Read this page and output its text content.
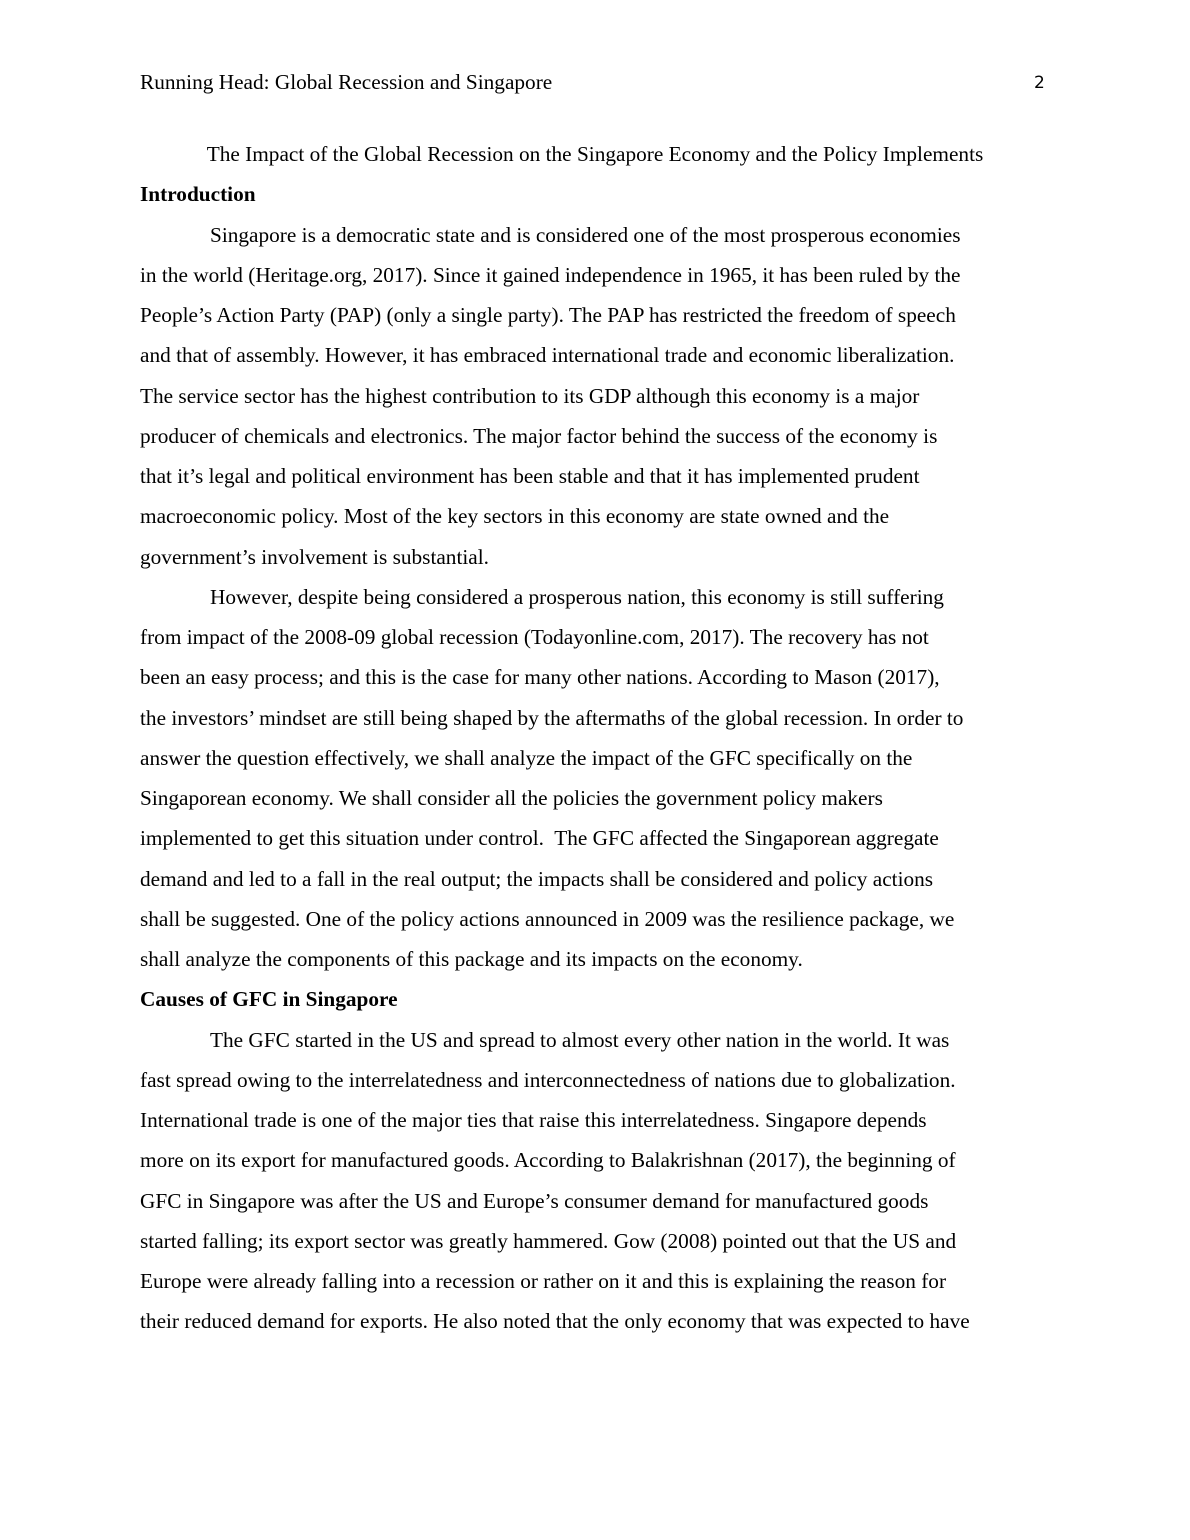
Running Head: Global Recession and Singapore	2
The Impact of the Global Recession on the Singapore Economy and the Policy Implements
Introduction
Singapore is a democratic state and is considered one of the most prosperous economies
in the world (Heritage.org, 2017). Since it gained independence in 1965, it has been ruled by the
People’s Action Party (PAP) (only a single party). The PAP has restricted the freedom of speech
and that of assembly. However, it has embraced international trade and economic liberalization.
The service sector has the highest contribution to its GDP although this economy is a major
producer of chemicals and electronics. The major factor behind the success of the economy is
that it’s legal and political environment has been stable and that it has implemented prudent
macroeconomic policy. Most of the key sectors in this economy are state owned and the
government’s involvement is substantial.
However, despite being considered a prosperous nation, this economy is still suffering
from impact of the 2008-09 global recession (Todayonline.com, 2017). The recovery has not
been an easy process; and this is the case for many other nations. According to Mason (2017),
the investors’ mindset are still being shaped by the aftermaths of the global recession. In order to
answer the question effectively, we shall analyze the impact of the GFC specifically on the
Singaporean economy. We shall consider all the policies the government policy makers
implemented to get this situation under control.  The GFC affected the Singaporean aggregate
demand and led to a fall in the real output; the impacts shall be considered and policy actions
shall be suggested. One of the policy actions announced in 2009 was the resilience package, we
shall analyze the components of this package and its impacts on the economy.
Causes of GFC in Singapore
The GFC started in the US and spread to almost every other nation in the world. It was
fast spread owing to the interrelatedness and interconnectedness of nations due to globalization.
International trade is one of the major ties that raise this interrelatedness. Singapore depends
more on its export for manufactured goods. According to Balakrishnan (2017), the beginning of
GFC in Singapore was after the US and Europe’s consumer demand for manufactured goods
started falling; its export sector was greatly hammered. Gow (2008) pointed out that the US and
Europe were already falling into a recession or rather on it and this is explaining the reason for
their reduced demand for exports. He also noted that the only economy that was expected to have
